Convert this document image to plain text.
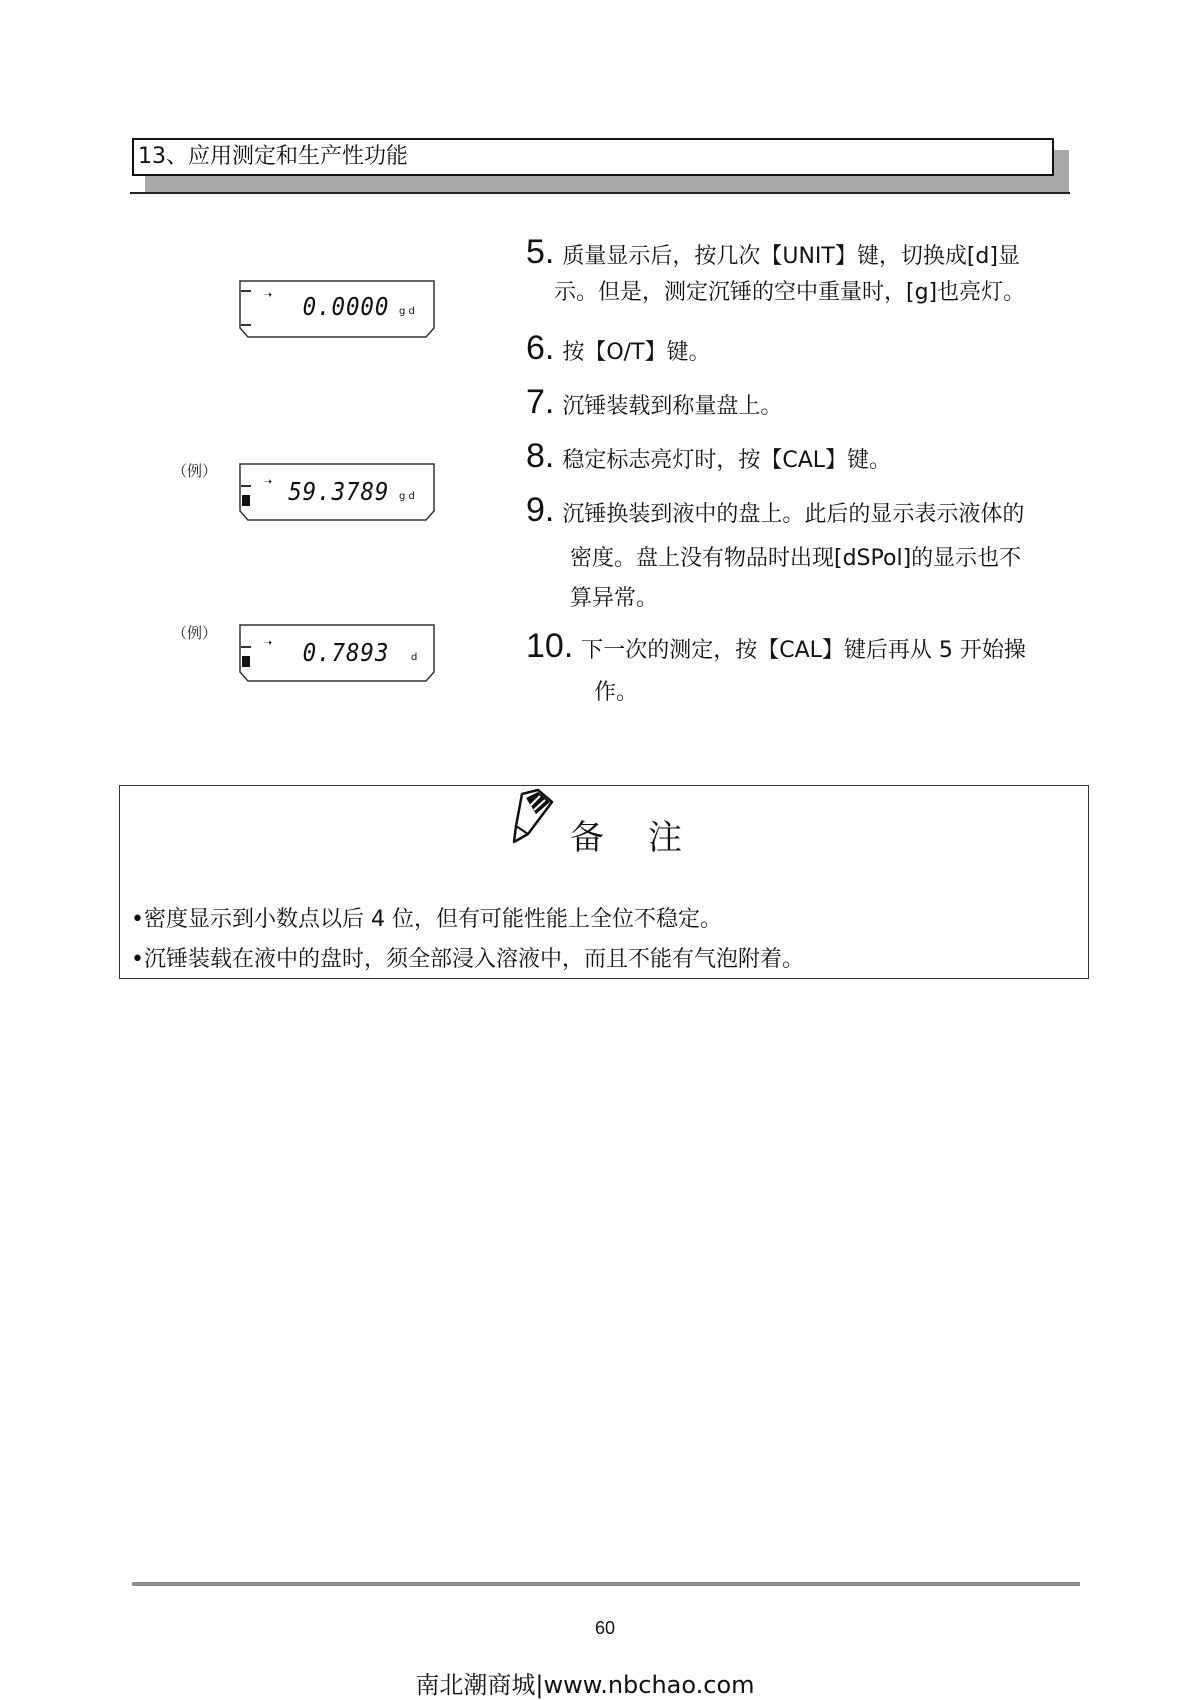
13、应用测定和生产性功能
➝ 0.0000 g d
（例）
➝ 59.3789 g d
（例）
➝ 0.7893 d
5. 质量显示后，按几次【UNIT】键，切换成[d]显
示。但是，测定沉锤的空中重量时，[g]也亮灯。
6. 按【O/T】键。
7. 沉锤装载到称量盘上。
8. 稳定标志亮灯时，按【CAL】键。
9. 沉锤换装到液中的盘上。此后的显示表示液体的
密度。盘上没有物品时出现[dSPol]的显示也不
算异常。
10. 下一次的测定，按【CAL】键后再从 5 开始操
作。
备注
•密度显示到小数点以后 4 位，但有可能性能上全位不稳定。
•沉锤装载在液中的盘时，须全部浸入溶液中，而且不能有气泡附着。
60
南北潮商城|www.nbchao.com
